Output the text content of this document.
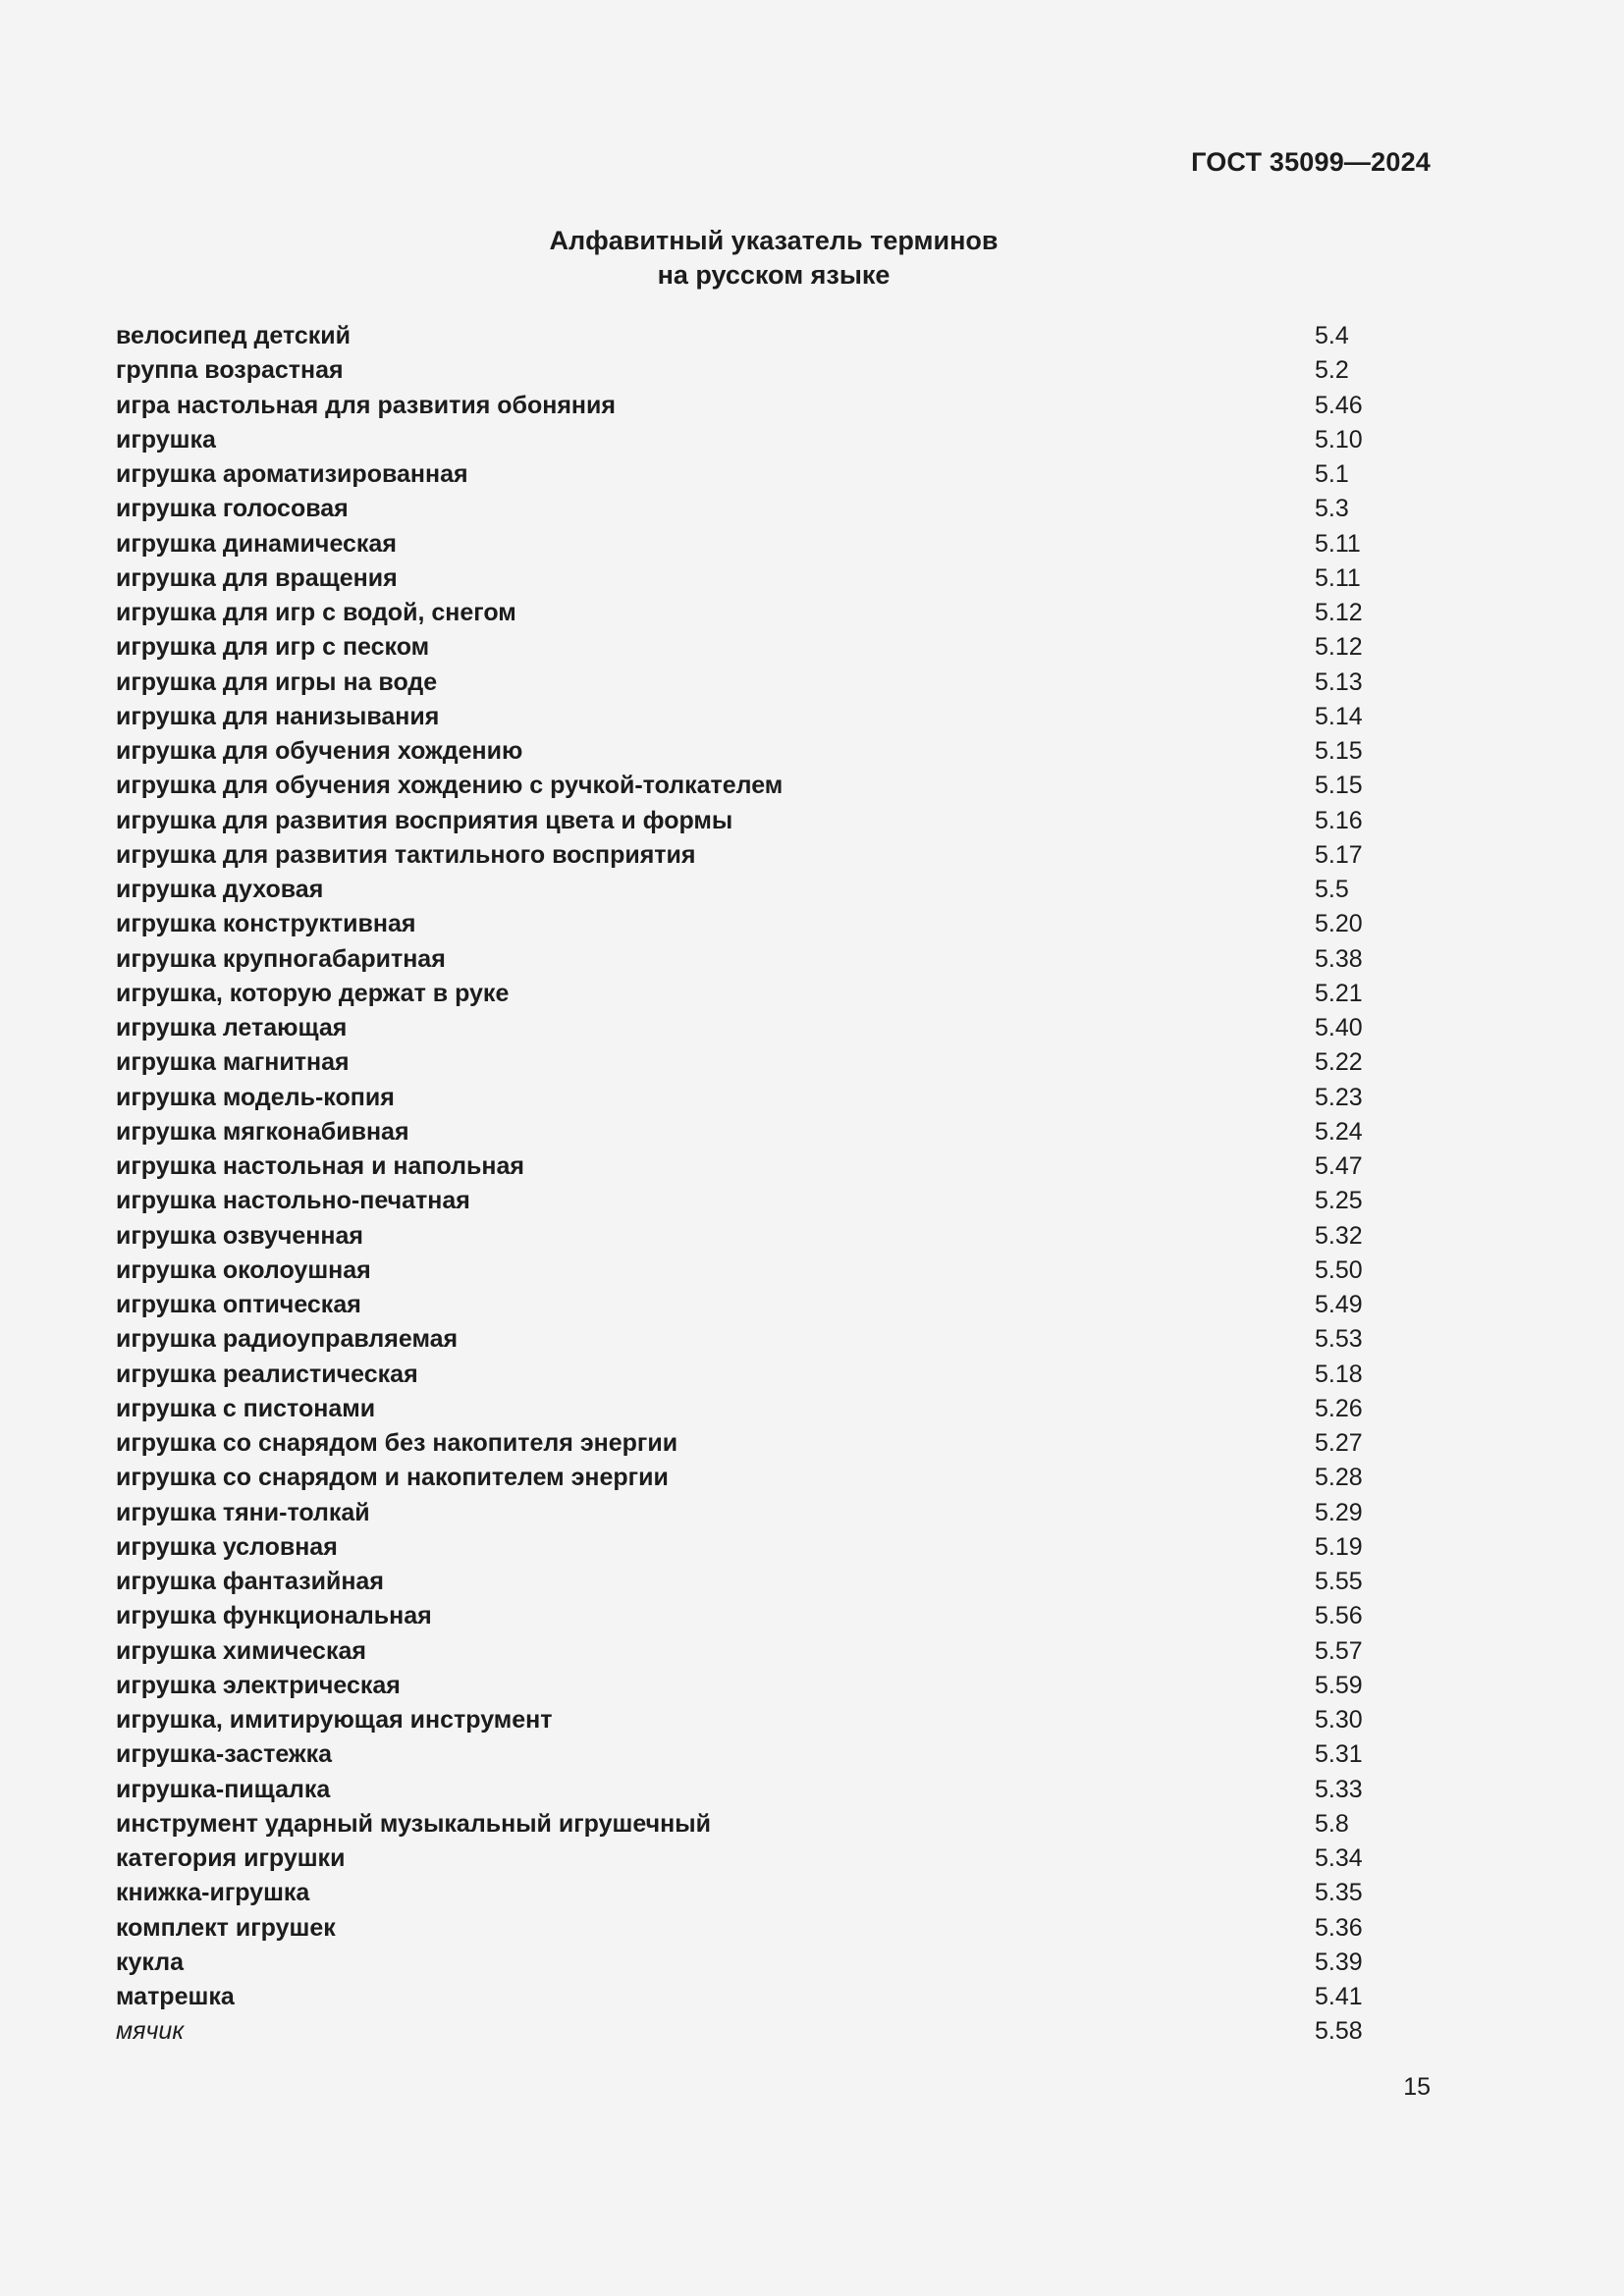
ГОСТ 35099—2024
Алфавитный указатель терминов
на русском языке
велосипед детский	5.4
группа возрастная	5.2
игра настольная для развития обоняния	5.46
игрушка	5.10
игрушка ароматизированная	5.1
игрушка голосовая	5.3
игрушка динамическая	5.11
игрушка для вращения	5.11
игрушка для игр с водой, снегом	5.12
игрушка для игр с песком	5.12
игрушка для игры на воде	5.13
игрушка для нанизывания	5.14
игрушка для обучения хождению	5.15
игрушка для обучения хождению с ручкой-толкателем	5.15
игрушка для развития восприятия цвета и формы	5.16
игрушка для развития тактильного восприятия	5.17
игрушка духовая	5.5
игрушка конструктивная	5.20
игрушка крупногабаритная	5.38
игрушка, которую держат в руке	5.21
игрушка летающая	5.40
игрушка магнитная	5.22
игрушка модель-копия	5.23
игрушка мягконабивная	5.24
игрушка настольная и напольная	5.47
игрушка настольно-печатная	5.25
игрушка озвученная	5.32
игрушка околоушная	5.50
игрушка оптическая	5.49
игрушка радиоуправляемая	5.53
игрушка реалистическая	5.18
игрушка с пистонами	5.26
игрушка со снарядом без накопителя энергии	5.27
игрушка со снарядом и накопителем энергии	5.28
игрушка тяни-толкай	5.29
игрушка условная	5.19
игрушка фантазийная	5.55
игрушка функциональная	5.56
игрушка химическая	5.57
игрушка электрическая	5.59
игрушка, имитирующая инструмент	5.30
игрушка-застежка	5.31
игрушка-пищалка	5.33
инструмент ударный музыкальный игрушечный	5.8
категория игрушки	5.34
книжка-игрушка	5.35
комплект игрушек	5.36
кукла	5.39
матрешка	5.41
мячик	5.58
15
